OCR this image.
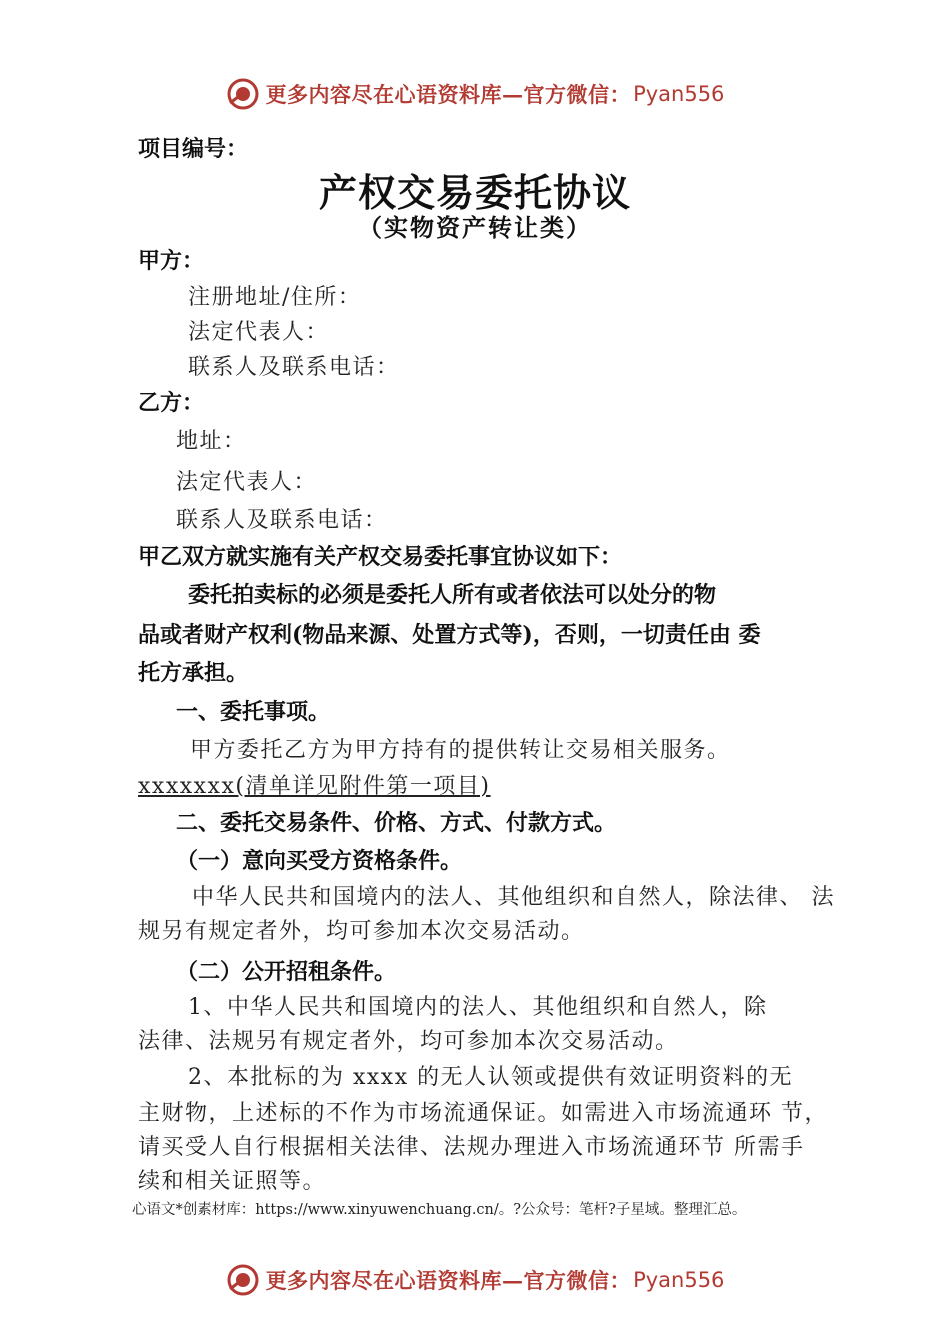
更多内容尽在心语资料库—官方微信： Pyan556
项目编号：
产权交易委托协议
（实物资产转让类）
甲方：
注册地址/住所：
法定代表人：
联系人及联系电话：
乙方：
地址：
法定代表人：
联系人及联系电话：
甲乙双方就实施有关产权交易委托事宜协议如下：
委托拍卖标的必须是委托人所有或者依法可以处分的物
品或者财产权利(物品来源、处置方式等)，否则，一切责任由 委
托方承担。
一、委托事项。
甲方委托乙方为甲方持有的提供转让交易相关服务。
xxxxxxx(清单详见附件第一项目)
二、委托交易条件、价格、方式、付款方式。
（一）意向买受方资格条件。
中华人民共和国境内的法人、其他组织和自然人，除法律、 法
规另有规定者外，均可参加本次交易活动。
（二）公开招租条件。
1、中华人民共和国境内的法人、其他组织和自然人，除
法律、法规另有规定者外，均可参加本次交易活动。
2、本批标的为 xxxx 的无人认领或提供有效证明资料的无
主财物，上述标的不作为市场流通保证。如需进入市场流通环 节，
请买受人自行根据相关法律、法规办理进入市场流通环节 所需手
续和相关证照等。
心语文*创素材库：https://www.xinyuwenchuang.cn/。?公众号：笔杆?子星域。整理汇总。
更多内容尽在心语资料库—官方微信： Pyan556
